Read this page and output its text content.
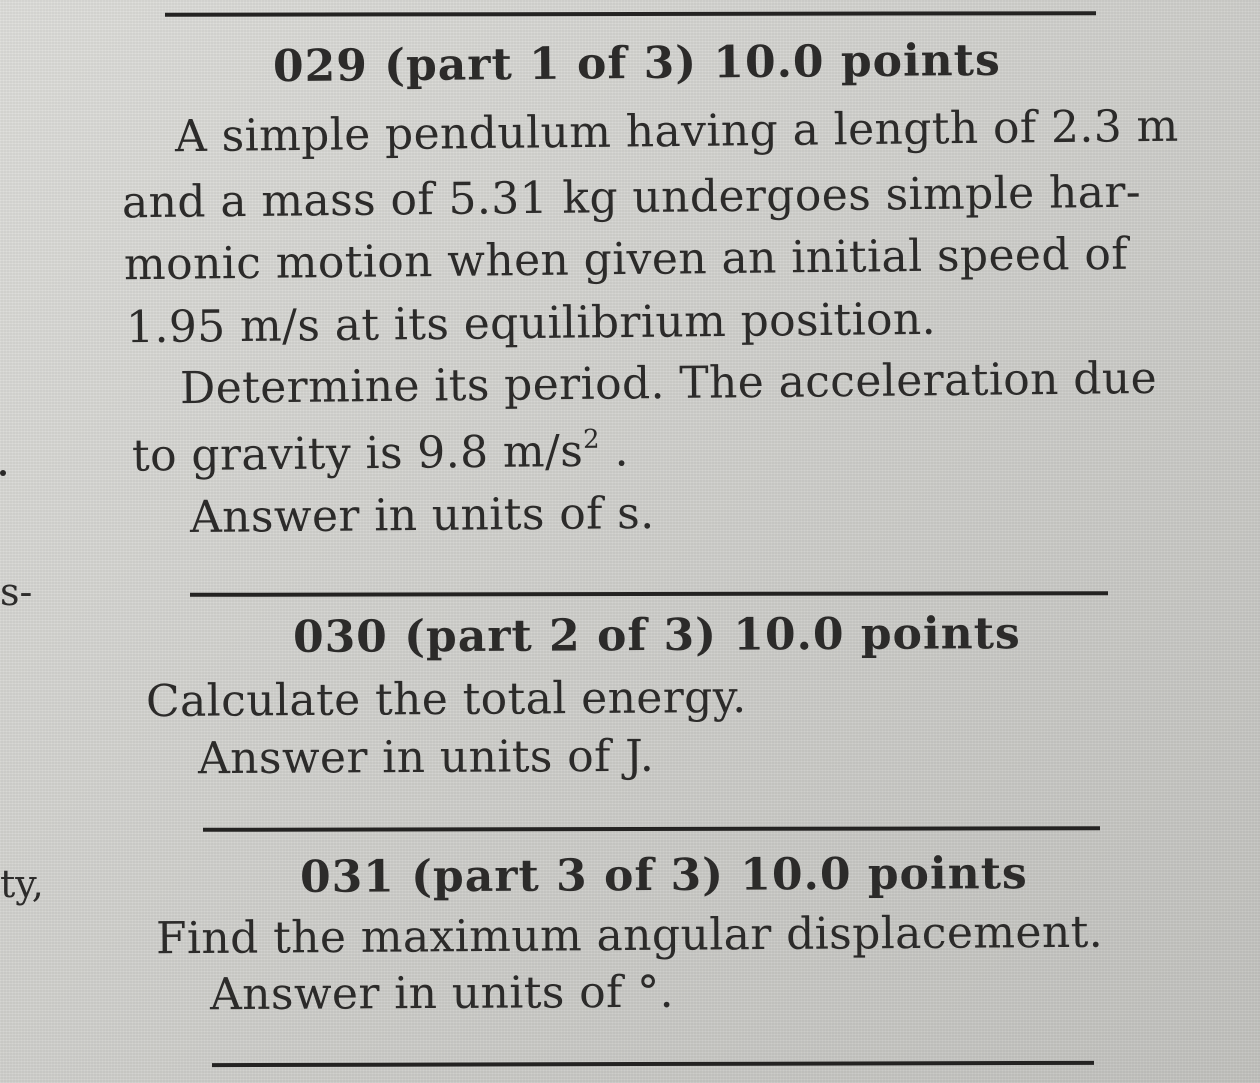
029 (part 1 of 3) 10.0 points
A simple pendulum having a length of 2.3 m
and a mass of 5.31 kg undergoes simple har-
monic motion when given an initial speed of
1.95 m/s at its equilibrium position.
Determine its period. The acceleration due
to gravity is 9.8 $m/s^2$ .
Answer in units of s.
s-
030 (part 2 of 3) 10.0 points
Calculate the total energy.
Answer in units of J.
ty,	031 (part 3 of 3) 10.0 points
Find the maximum angular displacement.
Answer in units of °.
